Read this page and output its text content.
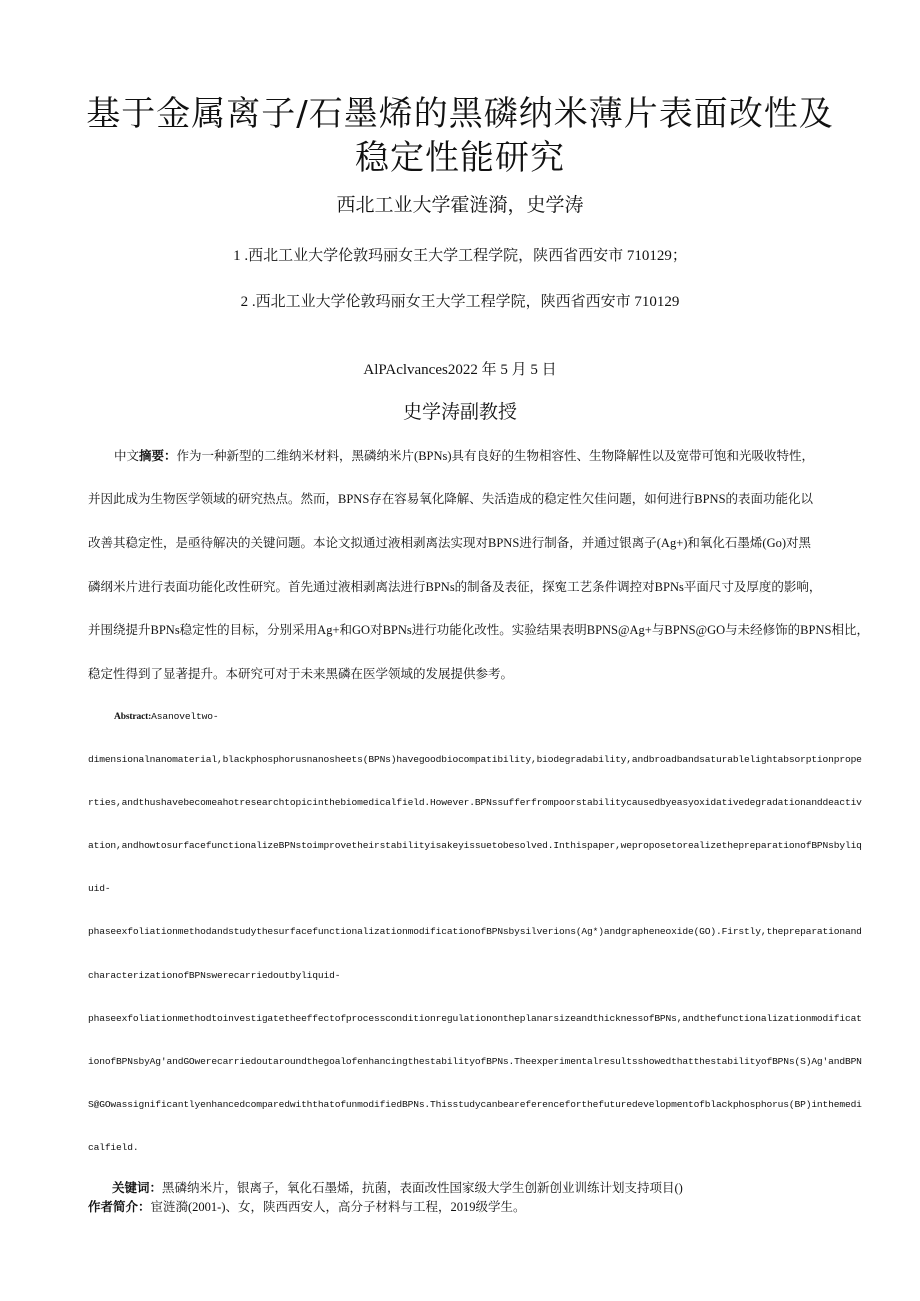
基于金属离子/石墨烯的黑磷纳米薄片表面改性及
稳定性能研究
西北工业大学霍涟漪，史学涛
1 .西北工业大学伦敦玛丽女王大学工程学院，陕西省西安市 710129；
2 .西北工业大学伦敦玛丽女王大学工程学院，陕西省西安市 710129
AlPAclvances2022 年 5 月 5 日
史学涛副教授
中文摘要：作为一种新型的二维纳米材料，黑磷纳米片(BPNs)具有良好的生物相容性、生物降解性以及宽带可饱和光吸收特性，
并因此成为生物医学领域的研究热点。然而，BPNS存在容易氧化降解、失活造成的稳定性欠佳问题，如何进行BPNS的表面功能化以
改善其稳定性，是亟待解决的关键问题。本论文拟通过液相剥离法实现对BPNS进行制备，并通过银离子(Ag+)和氧化石墨烯(Go)对黑
磷纲米片进行表面功能化改性研究。首先通过液相剥离法进行BPNs的制备及表征，探寃工艺条件调控对BPNs平面尺寸及厚度的影响，
并围绕提升BPNs稳定性的目标，分别采用Ag+和GO对BPNs进行功能化改性。实验结果表明BPNS@Ag+与BPNS@GO与未经修饰的BPNS相比，
稳定性得到了显著提升。本研究可对于未来黑磷在医学领域的发展提供参考。
Abstract:Asanoveltwo-
dimensionalnanomaterial,blackphosphorusnanosheets(BPNs)havegoodbiocompatibility,biodegradability,andbroadbandsaturablelightabsorptionprope
rties,andthushavebecomeahotresearchtopicinthebiomedicalfield.However.BPNssufferfrompoorstabilitycausedbyeasyoxidativedegradationanddeactiv
ation,andhowtosurfacefunctionalizeBPNstoimprovetheirstabilityisakeyissuetobesolved.Inthispaper,weproposetorealizethepreparationofBPNsbyliq
uid-
phaseexfoliationmethodandstudythesurfacefunctionalizationmodificationofBPNsbysilverions(Ag*)andgrapheneoxide(GO).Firstly,thepreparationand
characterizationofBPNswerecarriedoutbyliquid-
phaseexfoliationmethodtoinvestigatetheeffectofprocessconditionregulationontheplanarsizeandthicknessofBPNs,andthefunctionalizationmodificat
ionofBPNsbyAg'andGOwerecarriedoutaroundthegoalofenhancingthestabilityofBPNs.TheexperimentalresultsshowedthatthestabilityofBPNs(S)Ag'andBPN
S@GOwassignificantlyenhancedcomparedwiththatofunmodifiedBPNs.Thisstudycanbeareferenceforthefuturedevelopmentofblackphosphorus(BP)inthemedi
calfield.
关键词：黑磷纳米片，银离子，氧化石墨烯，抗菌，表面改性国家级大学生创新创业训练计划支持项目()
作者简介：宦涟漪(2001-)、女，陕西西安人，高分子材料与工程，2019级学生。
